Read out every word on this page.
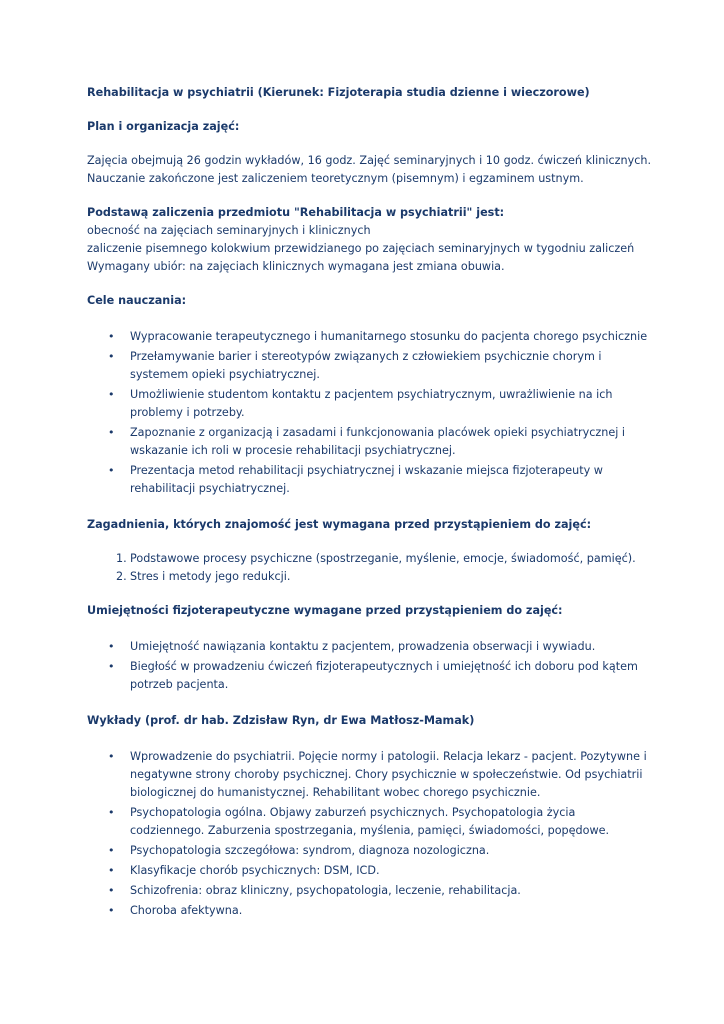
Rehabilitacja w psychiatrii (Kierunek: Fizjoterapia studia dzienne i wieczorowe)

Plan i organizacja zajęć:

Zajęcia obejmują 26 godzin wykładów, 16 godz. Zajęć seminaryjnych i 10 godz. ćwiczeń klinicznych. Nauczanie zakończone jest zaliczeniem teoretycznym (pisemnym) i egzaminem ustnym.

Podstawą zaliczenia przedmiotu "Rehabilitacja w psychiatrii" jest:

obecność na zajęciach seminaryjnych i klinicznych

zaliczenie pisemnego kolokwium przewidzianego po zajęciach seminaryjnych w tygodniu zaliczeń

Wymagany ubiór: na zajęciach klinicznych wymagana jest zmiana obuwia.

Cele nauczania:

• Wypracowanie terapeutycznego i humanitarnego stosunku do pacjenta chorego psychicznie
• Przełamywanie barier i stereotypów związanych z człowiekiem psychicznie chorym i systemem opieki psychiatrycznej.
• Umożliwienie studentom kontaktu z pacjentem psychiatrycznym, uwrażliwienie na ich problemy i potrzeby.
• Zapoznanie z organizacją i zasadami i funkcjonowania placówek opieki psychiatrycznej i wskazanie ich roli w procesie rehabilitacji psychiatrycznej.
• Prezentacja metod rehabilitacji psychiatrycznej i wskazanie miejsca fizjoterapeuty w rehabilitacji psychiatrycznej.

Zagadnienia, których znajomość jest wymagana przed przystąpieniem do zajęć:

1. Podstawowe procesy psychiczne (spostrzeganie, myślenie, emocje, świadomość, pamięć).
2. Stres i metody jego redukcji.

Umiejętności fizjoterapeutyczne wymagane przed przystąpieniem do zajęć:

• Umiejętność nawiązania kontaktu z pacjentem, prowadzenia obserwacji i wywiadu.
• Biegłość w prowadzeniu ćwiczeń fizjoterapeutycznych i umiejętność ich doboru pod kątem potrzeb pacjenta.

Wykłady (prof. dr hab. Zdzisław Ryn, dr Ewa Matłosz-Mamak)

• Wprowadzenie do psychiatrii. Pojęcie normy i patologii. Relacja lekarz - pacjent. Pozytywne i negatywne strony choroby psychicznej. Chory psychicznie w społeczeństwie. Od psychiatrii biologicznej do humanistycznej. Rehabilitant wobec chorego psychicznie.
• Psychopatologia ogólna. Objawy zaburzeń psychicznych. Psychopatologia życia codziennego. Zaburzenia spostrzegania, myślenia, pamięci, świadomości, popędowe.
• Psychopatologia szczegółowa: syndrom, diagnoza nozologiczna.
• Klasyfikacje chorób psychicznych: DSM, ICD.
• Schizofrenia: obraz kliniczny, psychopatologia, leczenie, rehabilitacja.
• Choroba afektywna.
